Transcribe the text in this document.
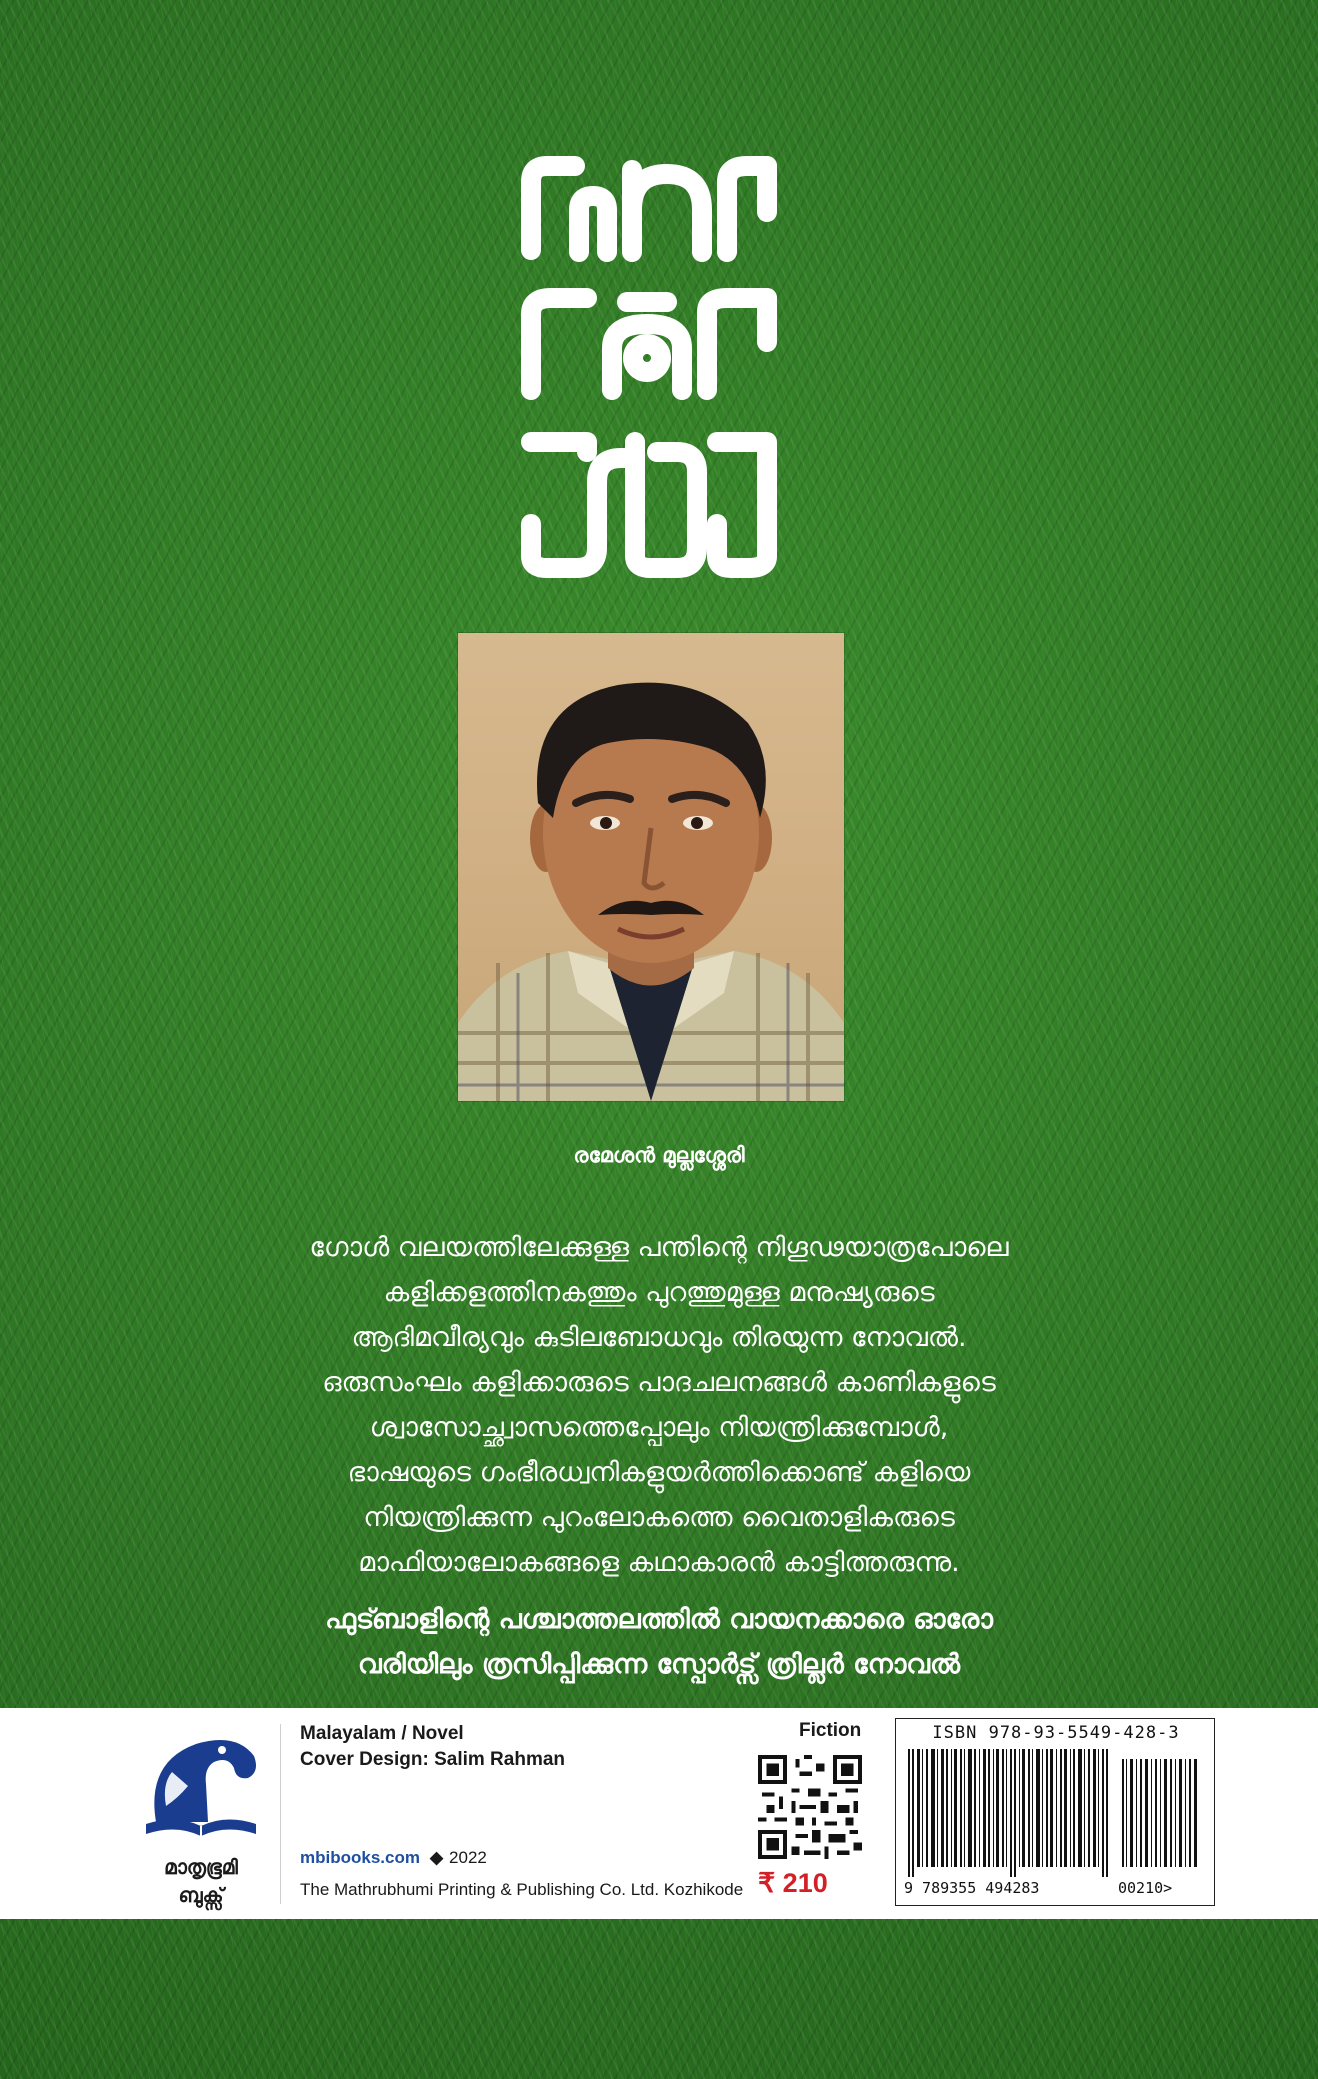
രമേശൻ മുല്ലശ്ശേരി
ഗോൾ വലയത്തിലേക്കുള്ള പന്തിന്റെ നിഗൂഢയാത്രപോലെ
കളിക്കളത്തിനകത്തും പുറത്തുമുള്ള മനുഷ്യരുടെ
ആദിമവീര്യവും കുടിലബോധവും തിരയുന്ന നോവൽ.
ഒരുസംഘം കളിക്കാരുടെ പാദചലനങ്ങൾ കാണികളുടെ
ശ്വാസോച്ഛ്വാസത്തെപ്പോലും നിയന്ത്രിക്കുമ്പോൾ,
ഭാഷയുടെ ഗംഭീരധ്വനികളുയർത്തിക്കൊണ്ട് കളിയെ
നിയന്ത്രിക്കുന്ന പുറംലോകത്തെ വൈതാളികരുടെ
മാഫിയാലോകങ്ങളെ കഥാകാരൻ കാട്ടിത്തരുന്നു.
ഫുട്ബാളിന്റെ പശ്ചാത്തലത്തിൽ വായനക്കാരെ ഓരോ
വരിയിലും ത്രസിപ്പിക്കുന്ന സ്പോർട്സ് ത്രില്ലർ നോവൽ
മാതൃഭൂമി
ബുക്സ്
Malayalam / Novel
Cover Design: Salim Rahman
mbibooks.com ◆ 2022
The Mathrubhumi Printing & Publishing Co. Ltd. Kozhikode
Fiction
₹ 210
ISBN 978-93-5549-428-3
9 789355 494283	00210>
